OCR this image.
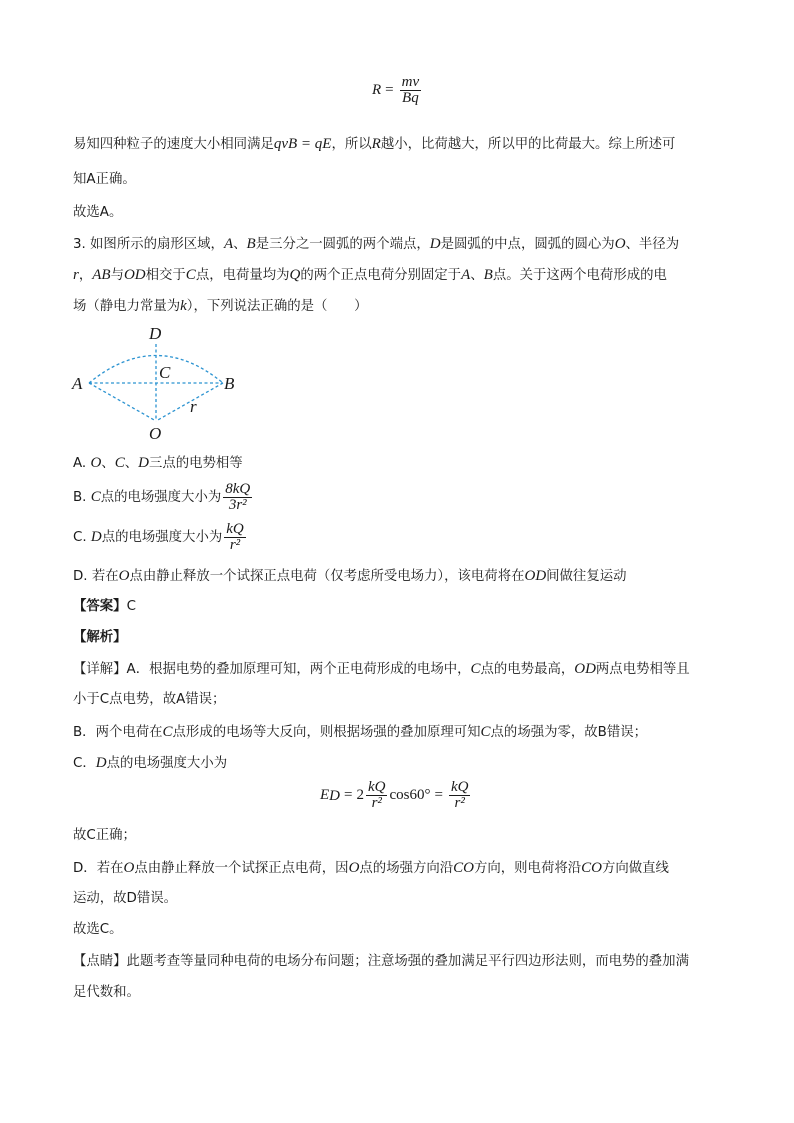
$R = \frac{mv}{Bq}$
易知四种粒子的速度大小相同满足qvB = qE，所以R越小，比荷越大，所以甲的比荷最大。综上所述可
知A正确。
故选A。
3. 如图所示的扇形区域，A、B是三分之一圆弧的两个端点，D是圆弧的中点，圆弧的圆心为O、半径为
r，AB与OD相交于C点，电荷量均为Q的两个正点电荷分别固定于A、B点。关于这两个电荷形成的电
场（静电力常量为k），下列说法正确的是（　　）
D
C
A	B
r
O
A. O、C、D三点的电势相等
B. C点的电场强度大小为 $\frac{8kQ}{\text{3r²}}$
C. D点的电场强度大小为 $\frac{kQ}{\text{r²}}$
D. 若在O点由静止释放一个试探正点电荷（仅考虑所受电场力），该电荷将在OD间做往复运动
【答案】C
【解析】
【详解】A．根据电势的叠加原理可知，两个正电荷形成的电场中，C点的电势最高，OD两点电势相等且
小于C点电势，故A错误；
B．两个电荷在C点形成的电场等大反向，则根据场强的叠加原理可知C点的场强为零，故B错误；
C．D点的电场强度大小为
E $D = 2 \frac{kQ}{\text{r²}} \cos 60^\circ = \frac{kQ}{\text{r²}}$
故C正确；
D．若在O点由静止释放一个试探正点电荷，因O点的场强方向沿CO方向，则电荷将沿CO方向做直线
运动，故D错误。
故选C。
【点睛】此题考查等量同种电荷的电场分布问题；注意场强的叠加满足平行四边形法则，而电势的叠加满
足代数和。
